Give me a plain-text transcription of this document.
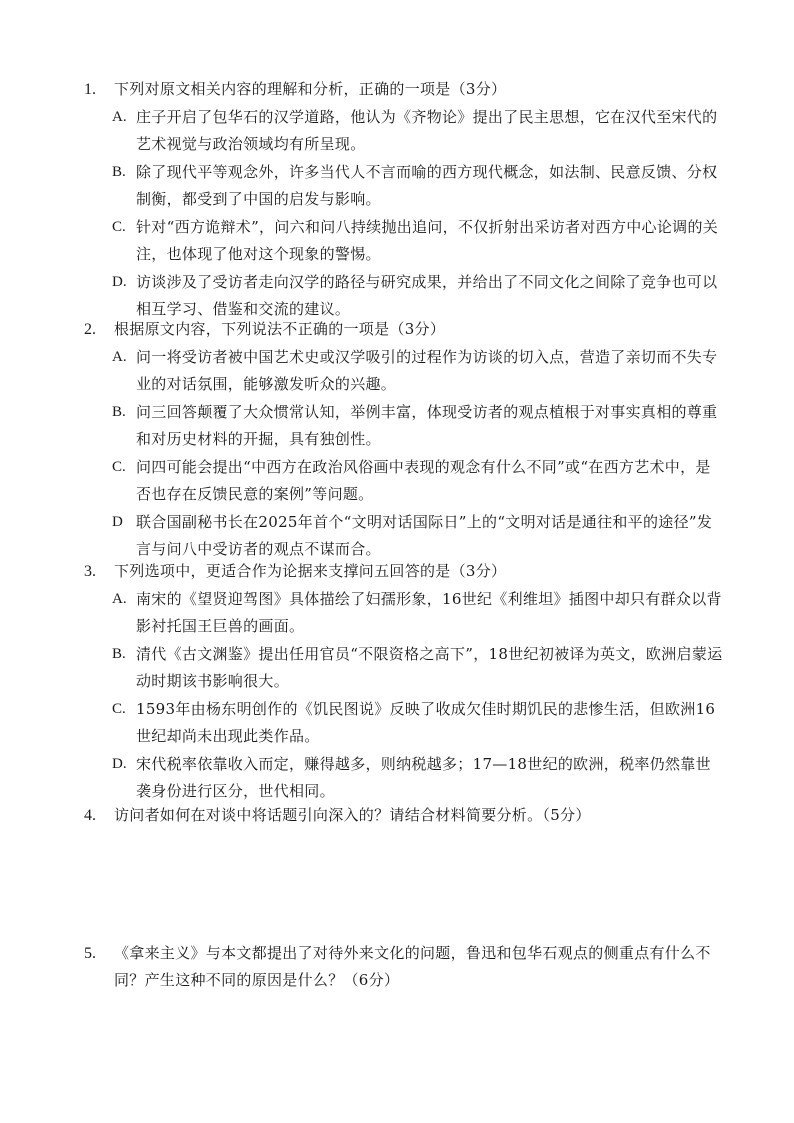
1.	下列对原文相关内容的理解和分析，正确的一项是（3分）
A. 庄子开启了包华石的汉学道路，他认为《齐物论》提出了民主思想，它在汉代至宋代的艺术视觉与政治领域均有所呈现。
B. 除了现代平等观念外，许多当代人不言而喻的西方现代概念，如法制、民意反馈、分权制衡，都受到了中国的启发与影响。
C. 针对“西方诡辩术”，问六和问八持续抛出追问，不仅折射出采访者对西方中心论调的关注，也体现了他对这个现象的警惕。
D. 访谈涉及了受访者走向汉学的路径与研究成果，并给出了不同文化之间除了竞争也可以相互学习、借鉴和交流的建议。
2.	根据原文内容，下列说法不正确的一项是（3分）
A. 问一将受访者被中国艺术史或汉学吸引的过程作为访谈的切入点，营造了亲切而不失专业的对话氛围，能够激发听众的兴趣。
B. 问三回答颠覆了大众惯常认知，举例丰富，体现受访者的观点植根于对事实真相的尊重和对历史材料的开掘，具有独创性。
C. 问四可能会提出“中西方在政治风俗画中表现的观念有什么不同”或“在西方艺术中，是否也存在反馈民意的案例”等问题。
D 联合国副秘书长在2025年首个“文明对话国际日”上的“文明对话是通往和平的途径”发言与问八中受访者的观点不谋而合。
3.	下列选项中，更适合作为论据来支撑问五回答的是（3分）
A. 南宋的《望贤迎驾图》具体描绘了妇孺形象，16世纪《利维坦》插图中却只有群众以背影衬托国王巨兽的画面。
B. 清代《古文渊鉴》提出任用官员“不限资格之高下”，18世纪初被译为英文，欧洲启蒙运动时期该书影响很大。
C. 1593年由杨东明创作的《饥民图说》反映了收成欠佳时期饥民的悲惨生活，但欧洲16世纪却尚未出现此类作品。
D. 宋代税率依靠收入而定，赚得越多，则纳税越多；17—18世纪的欧洲，税率仍然靠世袭身份进行区分，世代相同。
4.	访问者如何在对谈中将话题引向深入的？请结合材料简要分析。（5分）
5.	《拿来主义》与本文都提出了对待外来文化的问题，鲁迅和包华石观点的侧重点有什么不同？产生这种不同的原因是什么？（6分）
